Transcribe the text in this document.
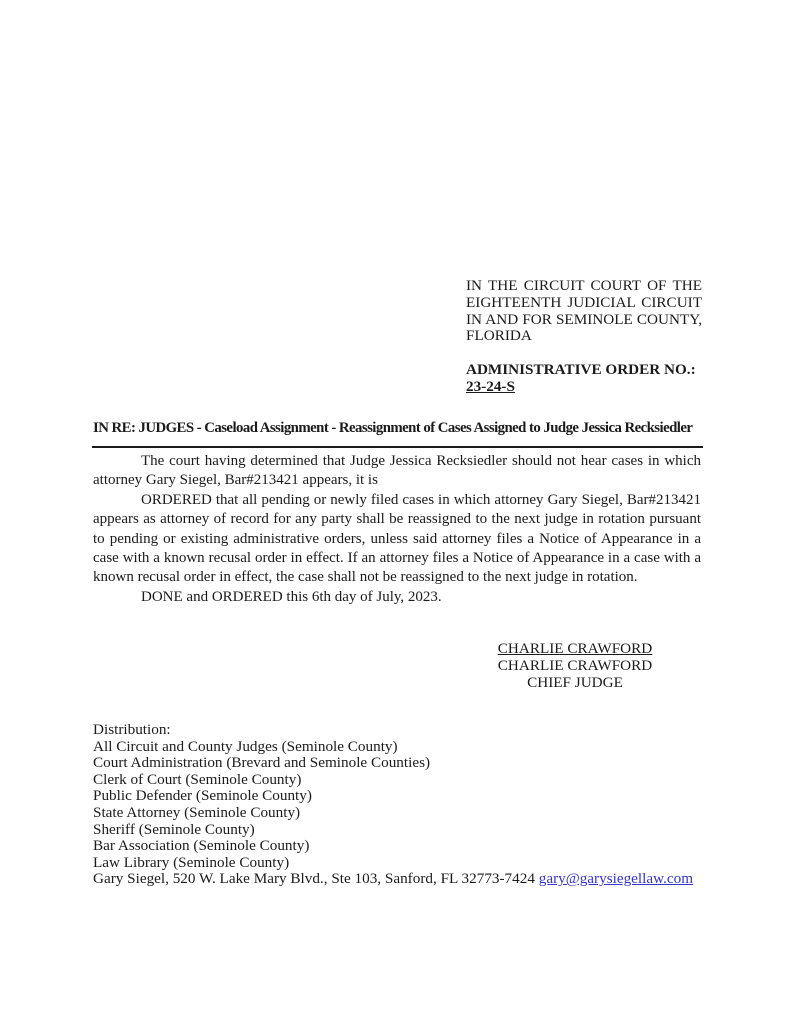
IN THE CIRCUIT COURT OF THE
EIGHTEENTH JUDICIAL CIRCUIT
IN AND FOR SEMINOLE COUNTY,
FLORIDA
ADMINISTRATIVE ORDER NO.:
23-24-S
IN RE: JUDGES - Caseload Assignment - Reassignment of Cases Assigned to Judge Jessica Recksiedler

The court having determined that Judge Jessica Recksiedler should not hear cases in which attorney Gary Siegel, Bar#213421 appears, it is

ORDERED that all pending or newly filed cases in which attorney Gary Siegel, Bar#213421 appears as attorney of record for any party shall be reassigned to the next judge in rotation pursuant to pending or existing administrative orders, unless said attorney files a Notice of Appearance in a case with a known recusal order in effect. If an attorney files a Notice of Appearance in a case with a known recusal order in effect, the case shall not be reassigned to the next judge in rotation.

DONE and ORDERED this 6th day of July, 2023.

CHARLIE CRAWFORD
CHARLIE CRAWFORD
CHIEF JUDGE
Distribution:
All Circuit and County Judges (Seminole County)
Court Administration (Brevard and Seminole Counties)
Clerk of Court (Seminole County)
Public Defender (Seminole County)
State Attorney (Seminole County)
Sheriff (Seminole County)
Bar Association (Seminole County)
Law Library (Seminole County)
Gary Siegel, 520 W. Lake Mary Blvd., Ste 103, Sanford, FL 32773-7424 gary@garysiegellaw.com
